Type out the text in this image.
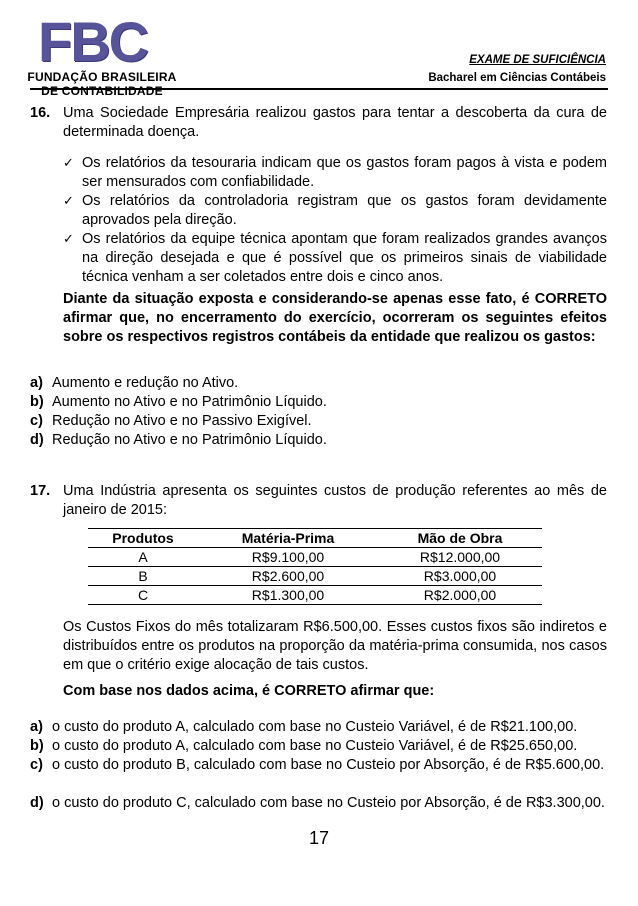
FBC
FUNDAÇÃO BRASILEIRA
DE CONTABILIDADE
EXAME DE SUFICIÊNCIA
Bacharel em Ciências Contábeis
16. Uma Sociedade Empresária realizou gastos para tentar a descoberta da cura de determinada doença.
✓ Os relatórios da tesouraria indicam que os gastos foram pagos à vista e podem ser mensurados com confiabilidade.
✓ Os relatórios da controladoria registram que os gastos foram devidamente aprovados pela direção.
✓ Os relatórios da equipe técnica apontam que foram realizados grandes avanços na direção desejada e que é possível que os primeiros sinais de viabilidade técnica venham a ser coletados entre dois e cinco anos.
Diante da situação exposta e considerando-se apenas esse fato, é CORRETO afirmar que, no encerramento do exercício, ocorreram os seguintes efeitos sobre os respectivos registros contábeis da entidade que realizou os gastos:
a) Aumento e redução no Ativo.
b) Aumento no Ativo e no Patrimônio Líquido.
c) Redução no Ativo e no Passivo Exigível.
d) Redução no Ativo e no Patrimônio Líquido.
17. Uma Indústria apresenta os seguintes custos de produção referentes ao mês de janeiro de 2015:
Produtos	Matéria-Prima	Mão de Obra
A	R$9.100,00	R$12.000,00
B	R$2.600,00	R$3.000,00
C	R$1.300,00	R$2.000,00
Os Custos Fixos do mês totalizaram R$6.500,00. Esses custos fixos são indiretos e distribuídos entre os produtos na proporção da matéria-prima consumida, nos casos em que o critério exige alocação de tais custos.
Com base nos dados acima, é CORRETO afirmar que:
a) o custo do produto A, calculado com base no Custeio Variável, é de R$21.100,00.
b) o custo do produto A, calculado com base no Custeio Variável, é de R$25.650,00.
c) o custo do produto B, calculado com base no Custeio por Absorção, é de R$5.600,00.
d) o custo do produto C, calculado com base no Custeio por Absorção, é de R$3.300,00.
17
